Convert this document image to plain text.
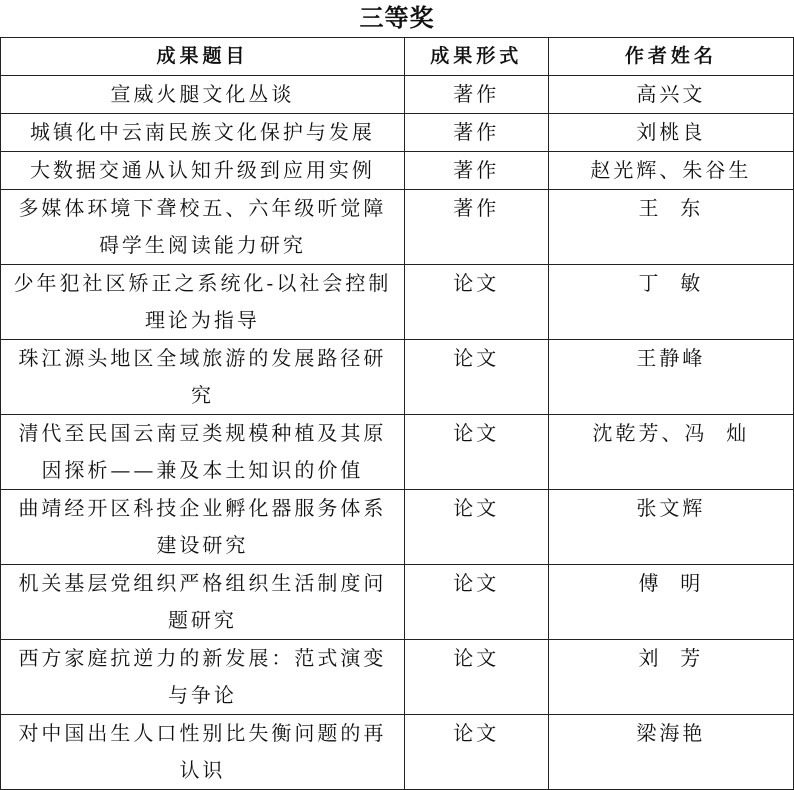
三等奖
成果题目	成果形式	作者姓名
宣威火腿文化丛谈	著作	高兴文
城镇化中云南民族文化保护与发展	著作	刘桃良
大数据交通从认知升级到应用实例	著作	赵光辉、朱谷生
多媒体环境下聋校五、六年级听觉障碍学生阅读能力研究	著作	王  东
少年犯社区矫正之系统化-以社会控制理论为指导	论文	丁  敏
珠江源头地区全域旅游的发展路径研究	论文	王静峰
清代至民国云南豆类规模种植及其原因探析——兼及本土知识的价值	论文	沈乾芳、冯  灿
曲靖经开区科技企业孵化器服务体系建设研究	论文	张文辉
机关基层党组织严格组织生活制度问题研究	论文	傅  明
西方家庭抗逆力的新发展：范式演变与争论	论文	刘  芳
对中国出生人口性别比失衡问题的再认识	论文	梁海艳
